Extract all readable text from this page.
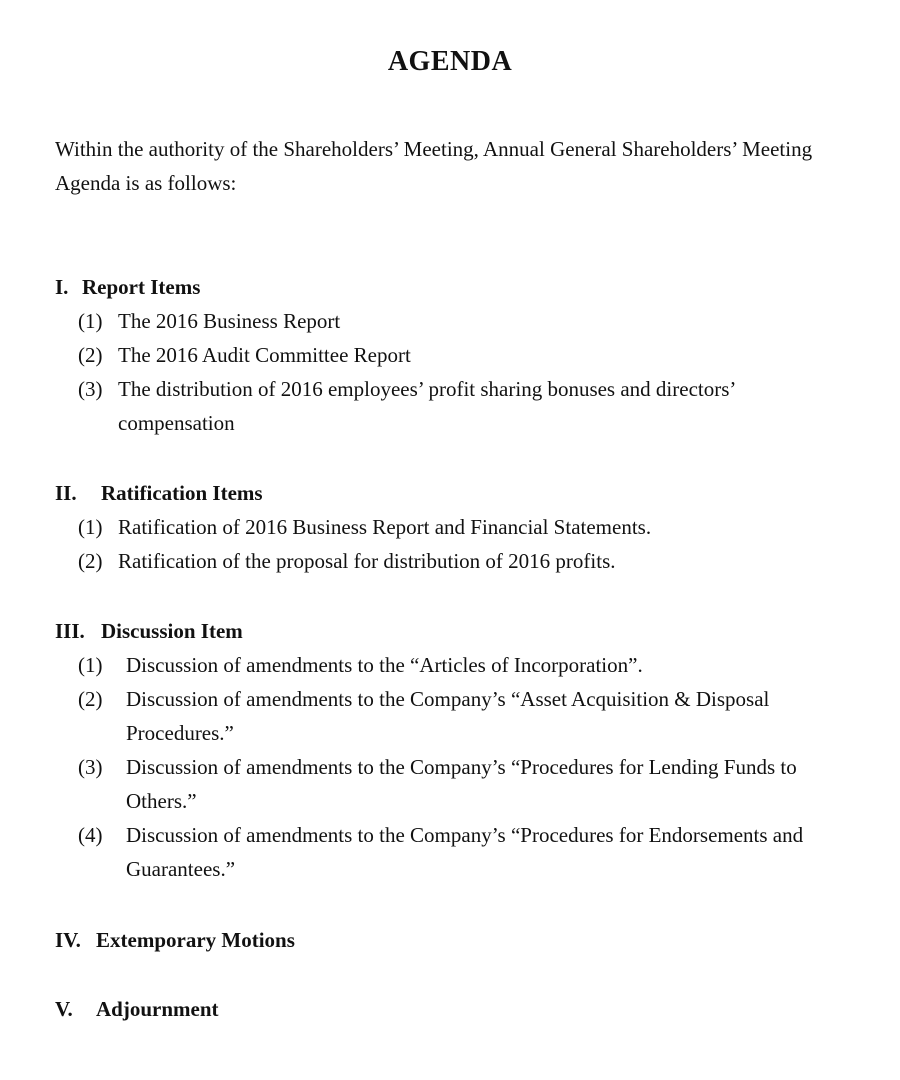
AGENDA
Within the authority of the Shareholders’ Meeting, Annual General Shareholders’ Meeting Agenda is as follows:
I. Report Items
(1) The 2016 Business Report
(2) The 2016 Audit Committee Report
(3) The distribution of 2016 employees’ profit sharing bonuses and directors’ compensation
II. Ratification Items
(1) Ratification of 2016 Business Report and Financial Statements.
(2) Ratification of the proposal for distribution of 2016 profits.
III. Discussion Item
(1) Discussion of amendments to the “Articles of Incorporation”.
(2) Discussion of amendments to the Company’s “Asset Acquisition & Disposal Procedures.”
(3) Discussion of amendments to the Company’s “Procedures for Lending Funds to Others.”
(4) Discussion of amendments to the Company’s “Procedures for Endorsements and Guarantees.”
IV. Extemporary Motions
V. Adjournment
